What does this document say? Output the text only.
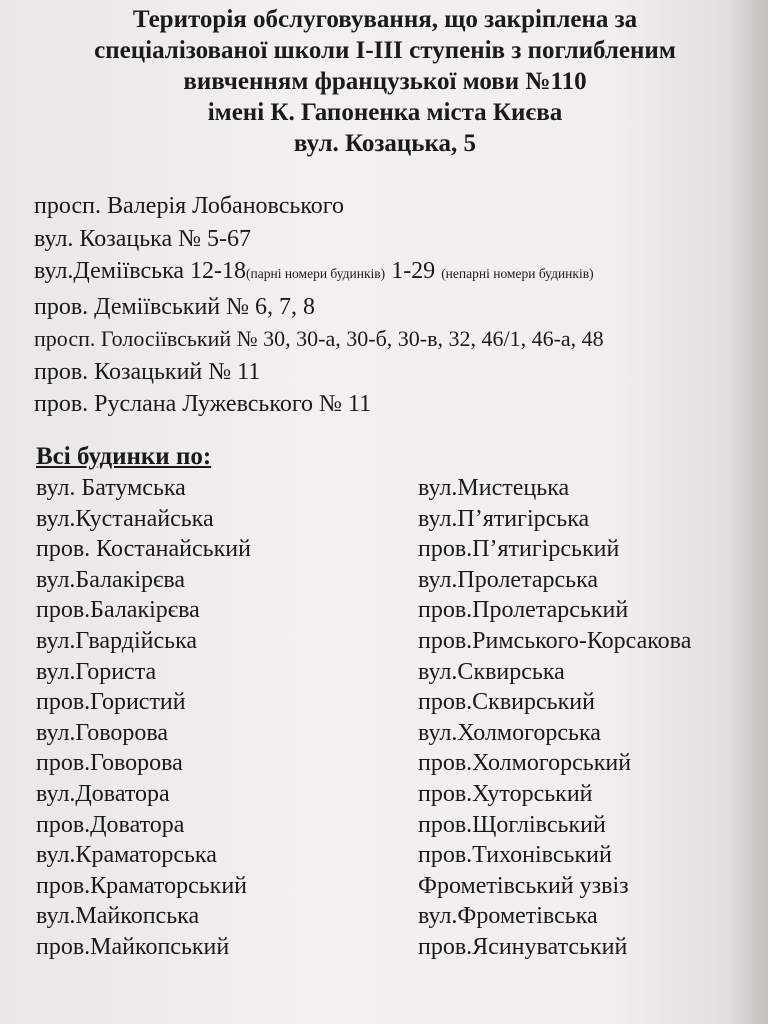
Територія обслуговування, що закріплена за
спеціалізованої школи І-ІІІ ступенів з поглибленим
вивченням французької мови №110
імені К. Гапоненка міста Києва
вул. Козацька, 5
просп. Валерія Лобановського
вул. Козацька № 5-67
вул.Деміївська 12-18(парні номери будинків) 1-29 (непарні номери будинків)
пров. Деміївський № 6, 7, 8
просп. Голосіївський № 30, 30-а, 30-б, 30-в, 32, 46/1, 46-а, 48
пров. Козацький № 11
пров. Руслана Лужевського № 11
Всі будинки по:
вул. Батумська
вул.Кустанайська
пров. Костанайський
вул.Балакірєва
пров.Балакірєва
вул.Гвардійська
вул.Гориста
пров.Гористий
вул.Говорова
пров.Говорова
вул.Доватора
пров.Доватора
вул.Краматорська
пров.Краматорський
вул.Майкопська
пров.Майкопський
вул.Мистецька
вул.П’ятигірська
пров.П’ятигірський
вул.Пролетарська
пров.Пролетарський
пров.Римського-Корсакова
вул.Сквирська
пров.Сквирський
вул.Холмогорська
пров.Холмогорський
пров.Хуторський
пров.Щоглівський
пров.Тихонівський
Фрометівський узвіз
вул.Фрометівська
пров.Ясинуватський
